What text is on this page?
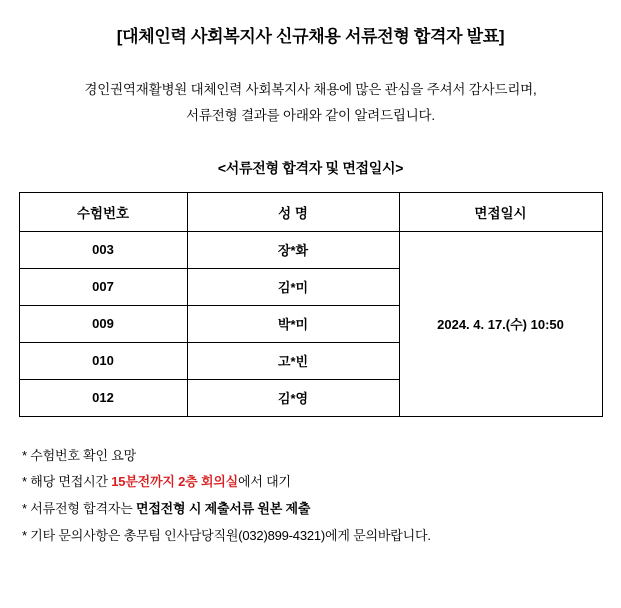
[대체인력 사회복지사 신규채용 서류전형 합격자 발표]
경인권역재활병원 대체인력 사회복지사 채용에 많은 관심을 주셔서 감사드리며,
서류전형 결과를 아래와 같이 알려드립니다.
<서류전형 합격자 및 면접일시>
수험번호	성 명	면접일시
003	장*화	2024. 4. 17.(수) 10:50
007	김*미	
009	박*미	
010	고*빈	
012	김*영	
* 수험번호 확인 요망
* 해당 면접시간 15분전까지 2층 회의실에서 대기
* 서류전형 합격자는 면접전형 시 제출서류 원본 제출
* 기타 문의사항은 총무팀 인사담당직원(032)899-4321)에게 문의바랍니다.
